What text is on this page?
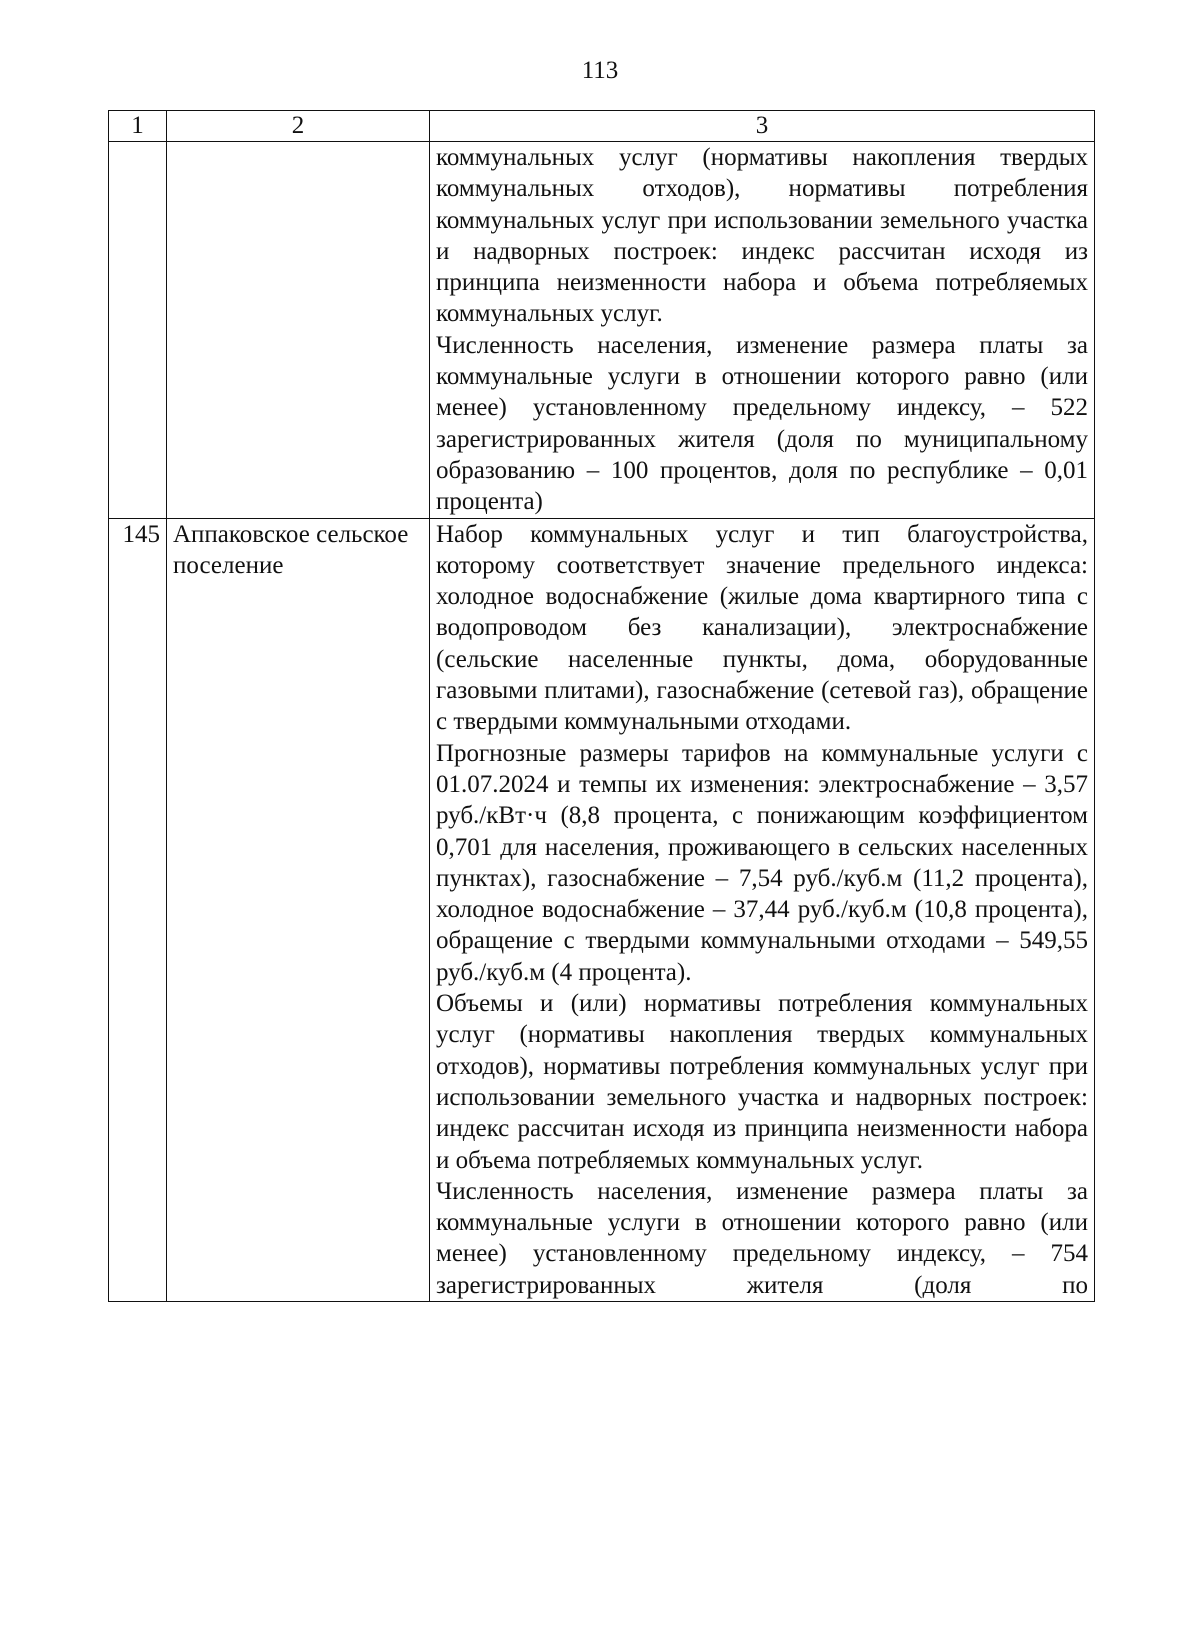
113
1	2	3

		коммунальных услуг (нормативы накопления твердых коммунальных отходов), нормативы потребления коммунальных услуг при использовании земельного участка и надворных построек: индекс рассчитан исходя из принципа неизменности набора и объема потребляемых коммунальных услуг.
Численность населения, изменение размера платы за коммунальные услуги в отношении которого равно (или менее) установленному предельному индексу, – 522 зарегистрированных жителя (доля по муниципальному образованию – 100 процентов, доля по республике – 0,01 процента)

145	Аппаковское сельское поселение	Набор коммунальных услуг и тип благоустройства, которому соответствует значение предельного индекса: холодное водоснабжение (жилые дома квартирного типа с водопроводом без канализации), электроснабжение (сельские населенные пункты, дома, оборудованные газовыми плитами), газоснабжение (сетевой газ), обращение с твердыми коммунальными отходами.
Прогнозные размеры тарифов на коммунальные услуги с 01.07.2024 и темпы их изменения: электроснабжение – 3,57 руб./кВт·ч (8,8 процента, с понижающим коэффициентом 0,701 для населения, проживающего в сельских населенных пунктах), газоснабжение – 7,54 руб./куб.м (11,2 процента), холодное водоснабжение – 37,44 руб./куб.м (10,8 процента), обращение с твердыми коммунальными отходами – 549,55 руб./куб.м (4 процента).
Объемы и (или) нормативы потребления коммунальных услуг (нормативы накопления твердых коммунальных отходов), нормативы потребления коммунальных услуг при использовании земельного участка и надворных построек: индекс рассчитан исходя из принципа неизменности набора и объема потребляемых коммунальных услуг.
Численность населения, изменение размера платы за коммунальные услуги в отношении которого равно (или менее) установленному предельному индексу, – 754 зарегистрированных жителя (доля по
